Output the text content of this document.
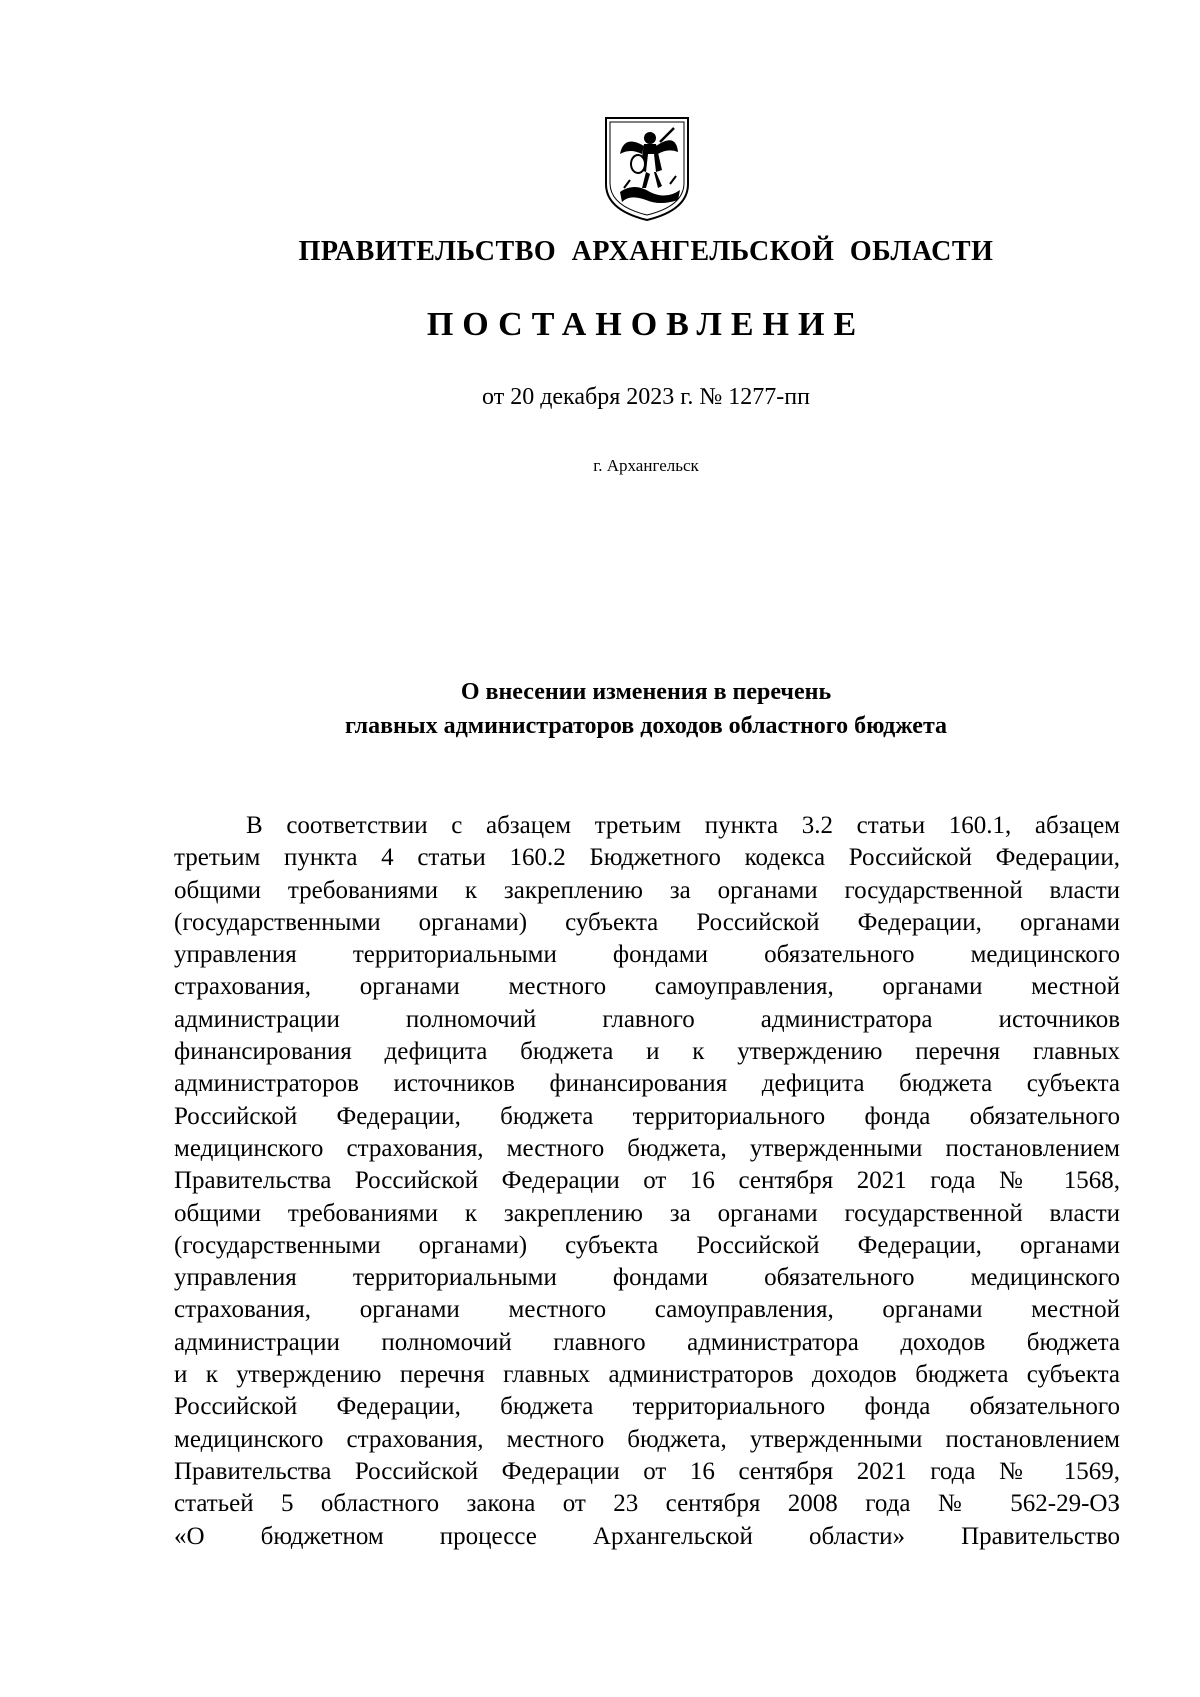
ПРАВИТЕЛЬСТВО АРХАНГЕЛЬСКОЙ ОБЛАСТИ
ПОСТАНОВЛЕНИЕ

от 20 декабря 2023 г. № 1277-пп

г. Архангельск

О внесении изменения в перечень
главных администраторов доходов областного бюджета
В соответствии с абзацем третьим пункта 3.2 статьи 160.1, абзацем
третьим пункта 4 статьи 160.2 Бюджетного кодекса Российской Федерации,
общими требованиями к закреплению за органами государственной власти
(государственными органами) субъекта Российской Федерации, органами
управления территориальными фондами обязательного медицинского
страхования, органами местного самоуправления, органами местной
администрации полномочий главного администратора источников
финансирования дефицита бюджета и к утверждению перечня главных
администраторов источников финансирования дефицита бюджета субъекта
Российской Федерации, бюджета территориального фонда обязательного
медицинского страхования, местного бюджета, утвержденными постановлением
Правительства Российской Федерации от 16 сентября 2021 года № 1568,
общими требованиями к закреплению за органами государственной власти
(государственными органами) субъекта Российской Федерации, органами
управления территориальными фондами обязательного медицинского
страхования, органами местного самоуправления, органами местной
администрации полномочий главного администратора доходов бюджета
и к утверждению перечня главных администраторов доходов бюджета субъекта
Российской Федерации, бюджета территориального фонда обязательного
медицинского страхования, местного бюджета, утвержденными постановлением
Правительства Российской Федерации от 16 сентября 2021 года № 1569,
статьей 5 областного закона от 23 сентября 2008 года № 562-29-ОЗ
«О бюджетном процессе Архангельской области» Правительство
